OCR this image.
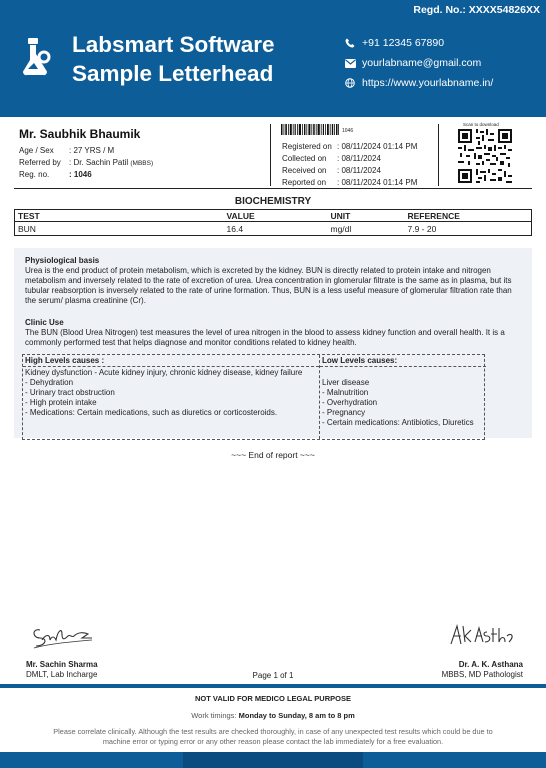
Regd. No.: XXXX54826XX
Labsmart Software
Sample Letterhead
+91 12345 67890
yourlabname@gmail.com
https://www.yourlabname.in/
Mr. Saubhik Bhaumik
Age / Sex	: 27 YRS / M
Referred by	: Dr. Sachin Patil (MBBS)
Reg. no.	: 1046
1046
Registered on : 08/11/2024 01:14 PM
Collected on	: 08/11/2024
Received on	: 08/11/2024
Reported on	: 08/11/2024 01:14 PM
Scan to download
BIOCHEMISTRY
TEST	VALUE	UNIT	REFERENCE
BUN	16.4	mg/dl	7.9 - 20
Physiological basis

Urea is the end product of protein metabolism, which is excreted by the kidney. BUN is directly related to protein intake and nitrogen metabolism and inversely related to the rate of excretion of urea. Urea concentration in glomerular filtrate is the same as in plasma, but its tubular reabsorption is inversely related to the rate of urine formation. Thus, BUN is a less useful measure of glomerular filtration rate than the serum/ plasma creatinine (Cr).

Clinic Use

The BUN (Blood Urea Nitrogen) test measures the level of urea nitrogen in the blood to assess kidney function and overall health. It is a commonly performed test that helps diagnose and monitor conditions related to kidney health.

High Levels causes :
Kidney dysfunction - Acute kidney injury, chronic kidney disease, kidney failure
- Dehydration
- Urinary tract obstruction
- High protein intake
- Medications: Certain medications, such as diuretics or corticosteroids.
Low Levels causes:
Liver disease
- Malnutrition
- Overhydration
- Pregnancy
- Certain medications: Antibiotics, Diuretics
~~~ End of report ~~~
Mr. Sachin Sharma
DMLT, Lab Incharge	Page 1 of 1
Dr. A. K. Asthana
MBBS, MD Pathologist
NOT VALID FOR MEDICO LEGAL PURPOSE
Work timings: Monday to Sunday, 8 am to 8 pm
Please correlate clinically. Although the test results are checked thoroughly, in case of any unexpected test results which could be due to machine error or typing error or any other reason please contact the lab immediately for a free evaluation.
